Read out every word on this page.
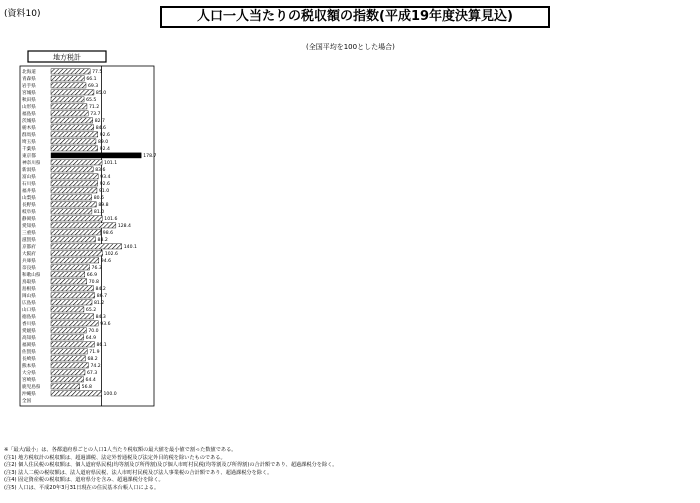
(資料10)	人口一人当たりの税収額の指数(平成19年度決算見込)
(全国平均を100とした場合)
地方税計
北海道	77.5
青森県	66.1
岩手県	69.3
宮城県	85.0
秋田県	65.5
山形県	71.2
福島県	73.7
茨城県	82.7
栃木県	84.6
群馬県	92.6
埼玉県	89.0
千葉県	92.4
東京都	178.7
神奈川県	101.1
新潟県	83.6
富山県	93.4
石川県	92.6
福井県	91.0
山梨県	80.6
長野県	89.8
岐阜県	81.0
静岡県	101.6
愛知県	128.4
三重県	98.6
滋賀県	88.2
京都府	140.1
大阪府	102.6
兵庫県	94.6
奈良県	76.3
和歌山県	66.9
鳥取県	70.8
島根県	84.2
岡山県	86.7
広島県	81.2
山口県	65.2
徳島県	84.3
香川県	93.6
愛媛県	70.0
高知県	64.9
福岡県	86.1
佐賀県	71.9
長崎県	68.2
熊本県	74.2
大分県	67.3
宮崎県	64.4
鹿児島県	56.8
沖縄県	100.0
全国
※「最大/最小」は、各都道府県ごとの人口1人当たり税収額の最大値を最小値で割った数値である。
(注1) 地方税収計の税収額は、超過課税、法定外普通税及び法定外目的税を除いたものである。
(注2) 個人住民税の税収額は、個人道府県民税(均等割及び所得割)及び個人市町村民税(均等割及び所得割)の合計額であり、超過課税分を除く。
(注3) 法人二税の税収額は、法人道府県民税、法人市町村民税及び法人事業税の合計額であり、超過課税分を除く。
(注4) 固定資産税の税収額は、道府県分を含み、超過課税分を除く。
(注5) 人口は、平成20年3月31日現在の住民基本台帳人口による。
